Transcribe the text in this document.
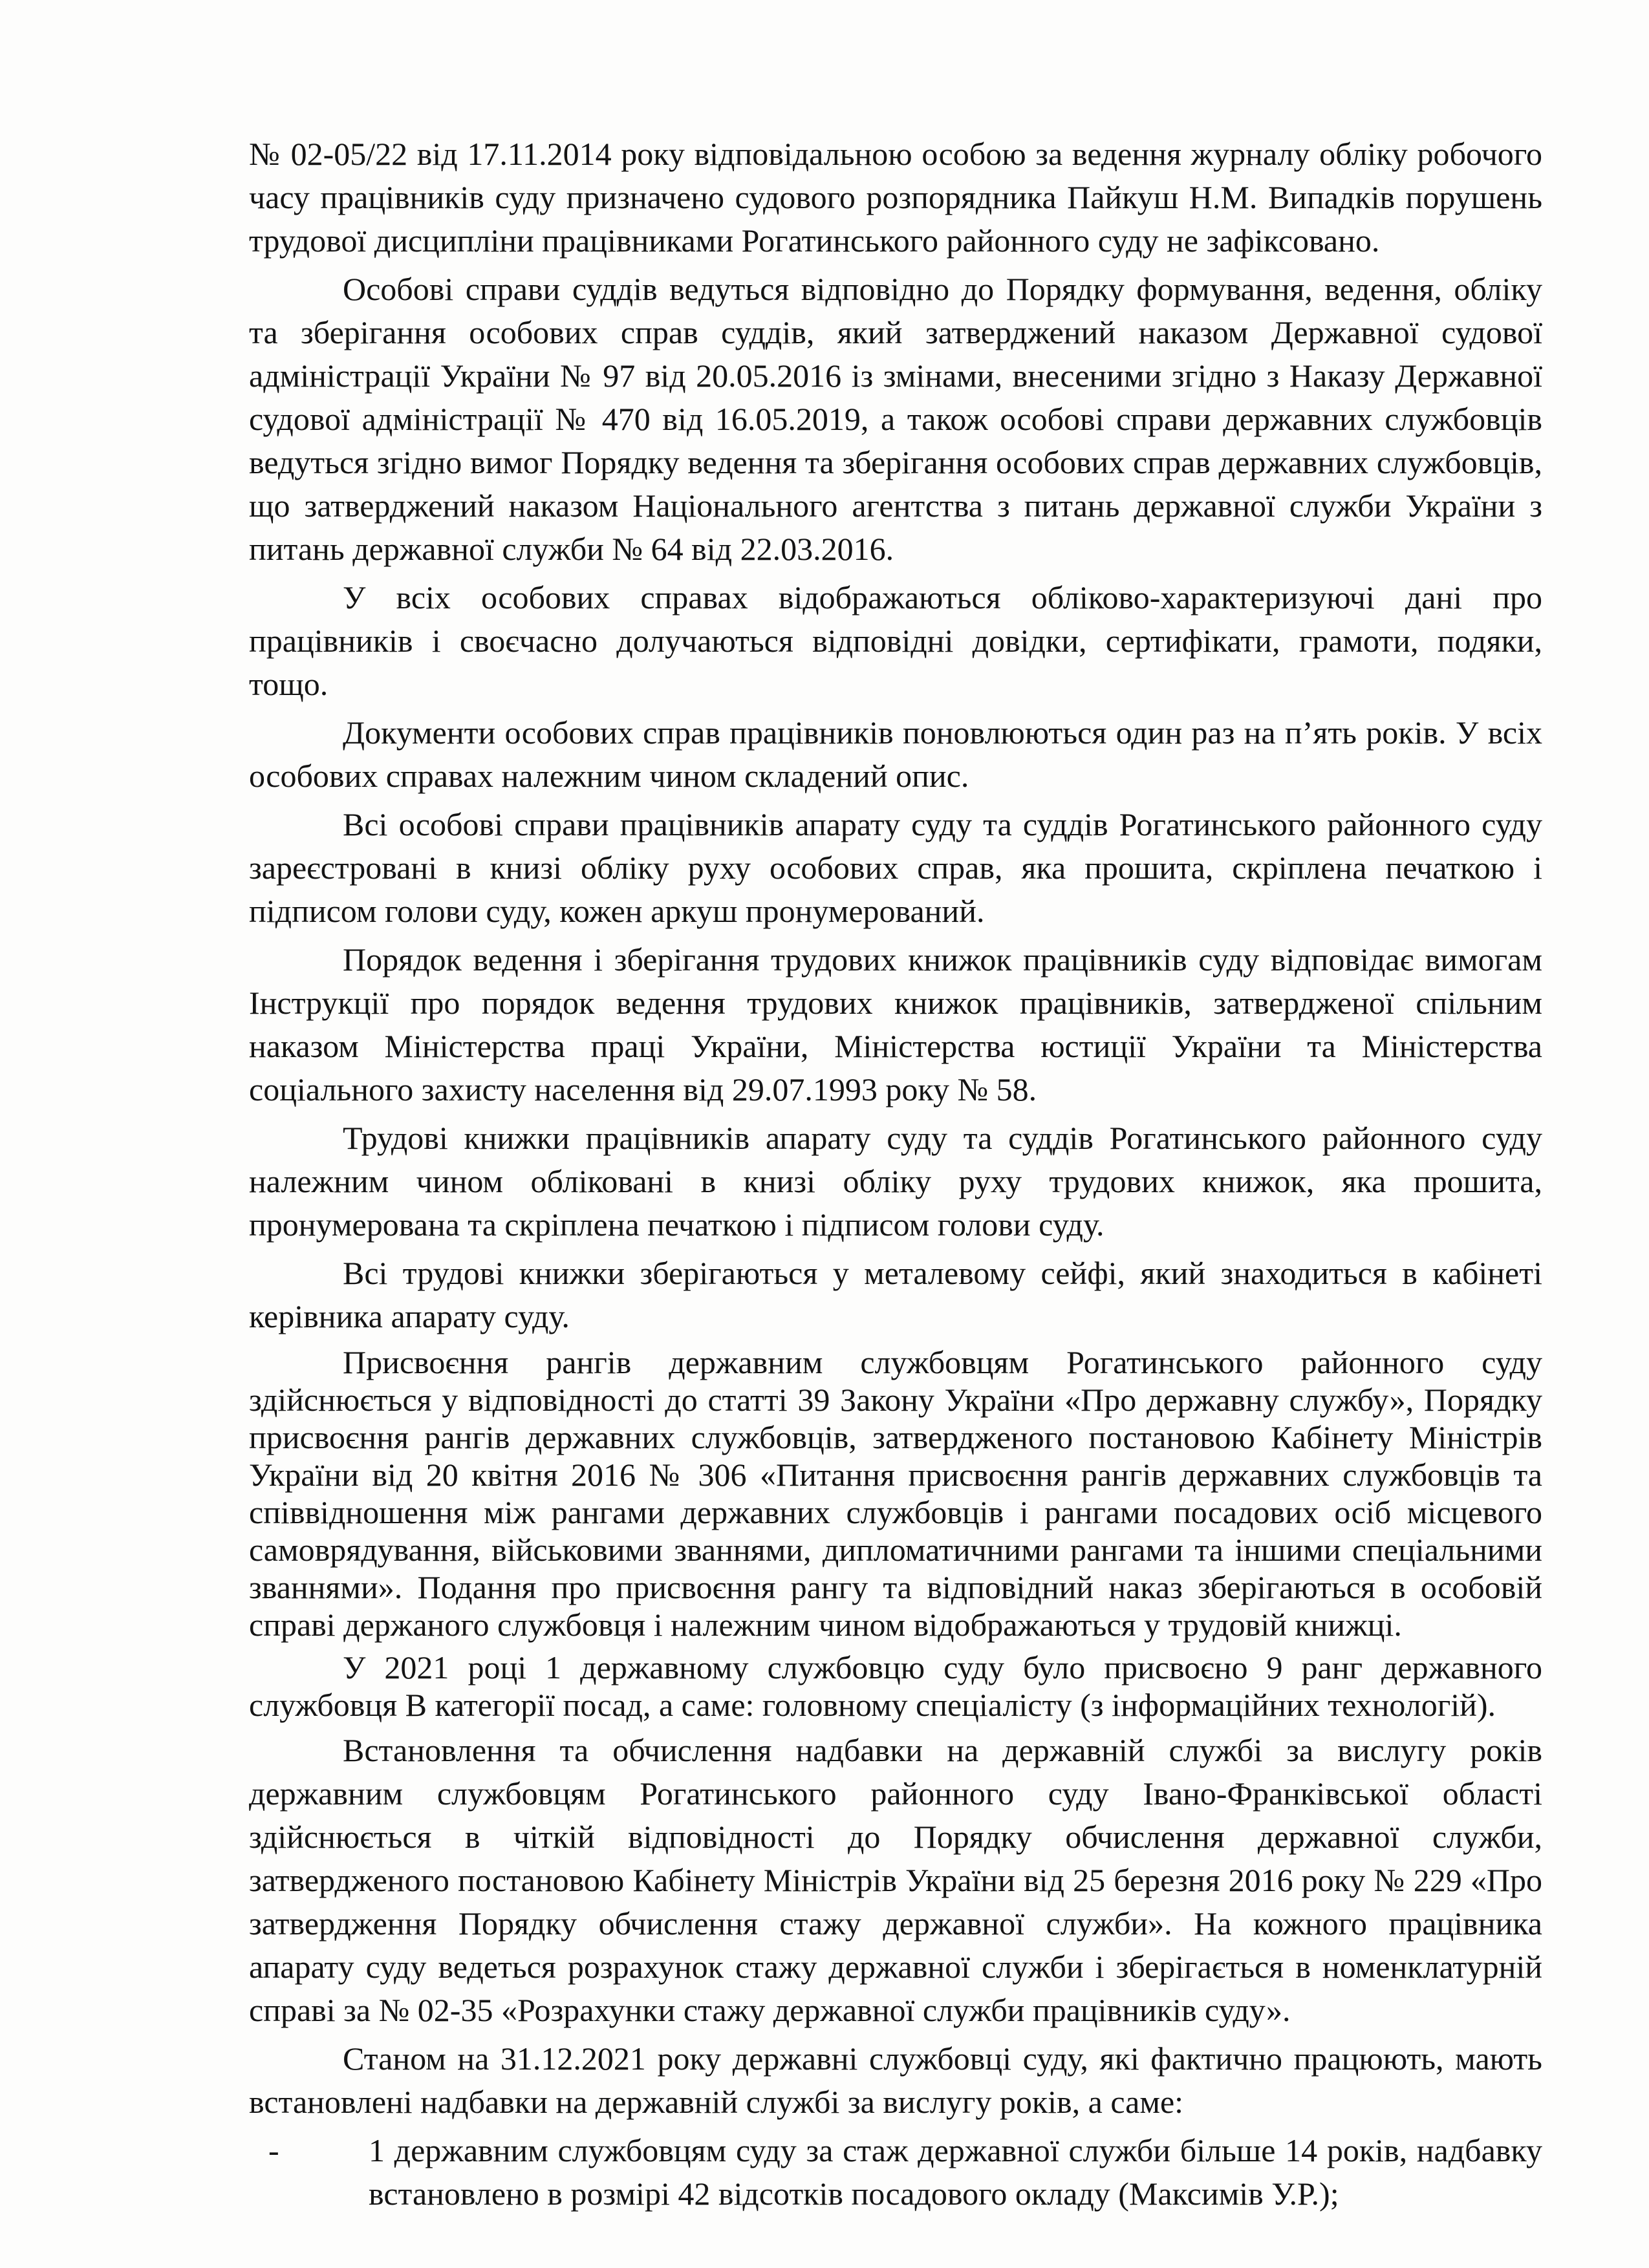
№ 02-05/22 від 17.11.2014 року відповідальною особою за ведення журналу обліку робочого часу працівників суду призначено судового розпорядника Пайкуш Н.М. Випадків порушень трудової дисципліни працівниками Рогатинського районного суду не зафіксовано.

Особові справи суддів ведуться відповідно до Порядку формування, ведення, обліку та зберігання особових справ суддів, який затверджений наказом Державної судової адміністрації України № 97 від 20.05.2016 із змінами, внесеними згідно з Наказу Державної судової адміністрації № 470 від 16.05.2019, а також особові справи державних службовців ведуться згідно вимог Порядку ведення та зберігання особових справ державних службовців, що затверджений наказом Національного агентства з питань державної служби України з питань державної служби № 64 від 22.03.2016.

У всіх особових справах відображаються обліково-характеризуючі дані про працівників і своєчасно долучаються відповідні довідки, сертифікати, грамоти, подяки, тощо.

Документи особових справ працівників поновлюються один раз на п’ять років. У всіх особових справах належним чином складений опис.

Всі особові справи працівників апарату суду та суддів Рогатинського районного суду зареєстровані в книзі обліку руху особових справ, яка прошита, скріплена печаткою і підписом голови суду, кожен аркуш пронумерований.

Порядок ведення і зберігання трудових книжок працівників суду відповідає вимогам Інструкції про порядок ведення трудових книжок працівників, затвердженої спільним наказом Міністерства праці України, Міністерства юстиції України та Міністерства соціального захисту населення від 29.07.1993 року № 58.

Трудові книжки працівників апарату суду та суддів Рогатинського районного суду належним чином обліковані в книзі обліку руху трудових книжок, яка прошита, пронумерована та скріплена печаткою і підписом голови суду.

Всі трудові книжки зберігаються у металевому сейфі, який знаходиться в кабінеті керівника апарату суду.

Присвоєння рангів державним службовцям Рогатинського районного суду здійснюється у відповідності до статті 39 Закону України «Про державну службу», Порядку присвоєння рангів державних службовців, затвердженого постановою Кабінету Міністрів України від 20 квітня 2016 № 306 «Питання присвоєння рангів державних службовців та співвідношення між рангами державних службовців і рангами посадових осіб місцевого самоврядування, військовими званнями, дипломатичними рангами та іншими спеціальними званнями». Подання про присвоєння рангу та відповідний наказ зберігаються в особовій справі держаного службовця і належним чином відображаються у трудовій книжці.

У 2021 році 1 державному службовцю суду було присвоєно 9 ранг державного службовця В категорії посад, а саме: головному спеціалісту (з інформаційних технологій).

Встановлення та обчислення надбавки на державній службі за вислугу років державним службовцям Рогатинського районного суду Івано-Франківської області здійснюється в чіткій відповідності до Порядку обчислення державної служби, затвердженого постановою Кабінету Міністрів України від 25 березня 2016 року № 229 «Про затвердження Порядку обчислення стажу державної служби». На кожного працівника апарату суду ведеться розрахунок стажу державної служби і зберігається в номенклатурній справі за № 02-35 «Розрахунки стажу державної служби працівників суду».

Станом на 31.12.2021 року державні службовці суду, які фактично працюють, мають встановлені надбавки на державній службі за вислугу років, а саме:

-	1 державним службовцям суду за стаж державної служби більше 14 років, надбавку встановлено в розмірі 42 відсотків посадового окладу (Максимів У.Р.);
